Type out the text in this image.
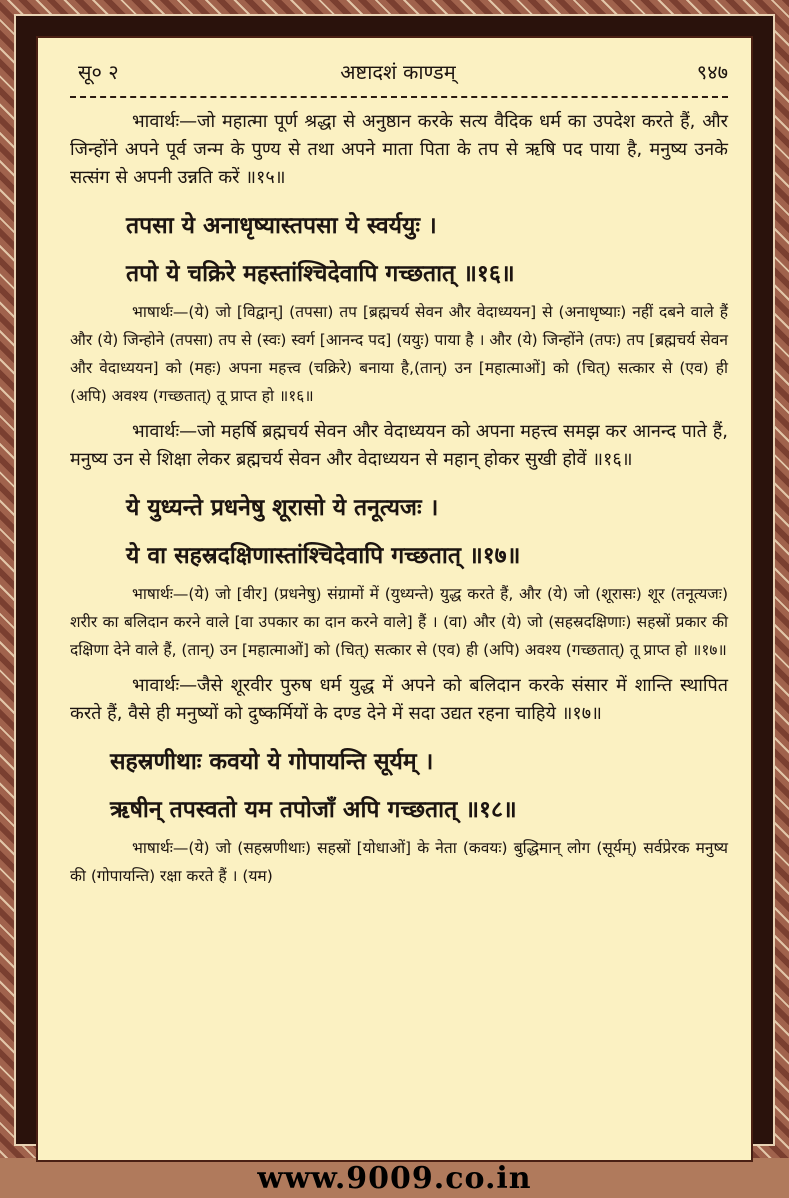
सू० २	अष्टादशं काण्डम्	९४७

भावार्थः—जो महात्मा पूर्ण श्रद्धा से अनुष्ठान करके सत्य वैदिक धर्म का उपदेश करते हैं, और जिन्होंने अपने पूर्व जन्म के पुण्य से तथा अपने माता पिता के तप से ऋषि पद पाया है, मनुष्य उनके सत्संग से अपनी उन्नति करें ॥१५॥

तपसा ये अनाधृष्यास्तपसा ये स्वर्ययुः ।
तपो ये चक्रिरे महस्तांश्चिदेवापि गच्छतात् ॥१६॥

भाषार्थः—(ये) जो [विद्वान्] (तपसा) तप [ब्रह्मचर्य सेवन और वेदाध्ययन] से (अनाधृष्याः) नहीं दबने वाले हैं और (ये) जिन्होने (तपसा) तप से (स्वः) स्वर्ग [आनन्द पद] (ययुः) पाया है । और (ये) जिन्होंने (तपः) तप [ब्रह्मचर्य सेवन और वेदाध्ययन] को (महः) अपना महत्त्व (चक्रिरे) बनाया है,(तान्) उन [महात्माओं] को (चित्) सत्कार से (एव) ही (अपि) अवश्य (गच्छतात्) तू प्राप्त हो ॥१६॥

भावार्थः—जो महर्षि ब्रह्मचर्य सेवन और वेदाध्ययन को अपना महत्त्व समझ कर आनन्द पाते हैं, मनुष्य उन से शिक्षा लेकर ब्रह्मचर्य सेवन और वेदाध्ययन से महान् होकर सुखी होवें ॥१६॥

ये युध्यन्ते प्रधनेषु शूरासो ये तनूत्यजः ।
ये वा सहस्रदक्षिणास्तांश्चिदेवापि गच्छतात् ॥१७॥

भाषार्थः—(ये) जो [वीर] (प्रधनेषु) संग्रामों में (युध्यन्ते) युद्ध करते हैं, और (ये) जो (शूरासः) शूर (तनूत्यजः) शरीर का बलिदान करने वाले [वा उपकार का दान करने वाले] हैं । (वा) और (ये) जो (सहस्रदक्षिणाः) सहस्रों प्रकार की दक्षिणा देने वाले हैं, (तान्) उन [महात्माओं] को (चित्) सत्कार से (एव) ही (अपि) अवश्य (गच्छतात्) तू प्राप्त हो ॥१७॥

भावार्थः—जैसे शूरवीर पुरुष धर्म युद्ध में अपने को बलिदान करके संसार में शान्ति स्थापित करते हैं, वैसे ही मनुष्यों को दुष्कर्मियों के दण्ड देने में सदा उद्यत रहना चाहिये ॥१७॥

सहस्रणीथाः कवयो ये गोपायन्ति सूर्यम् ।
ऋषीन् तपस्वतो यम तपोजाँ अपि गच्छतात् ॥१८॥

भाषार्थः—(ये) जो (सहस्रणीथाः) सहस्रों [योधाओं] के नेता (कवयः) बुद्धिमान् लोग (सूर्यम्) सर्वप्रेरक मनुष्य की (गोपायन्ति) रक्षा करते हैं । (यम)

www.9009.co.in
